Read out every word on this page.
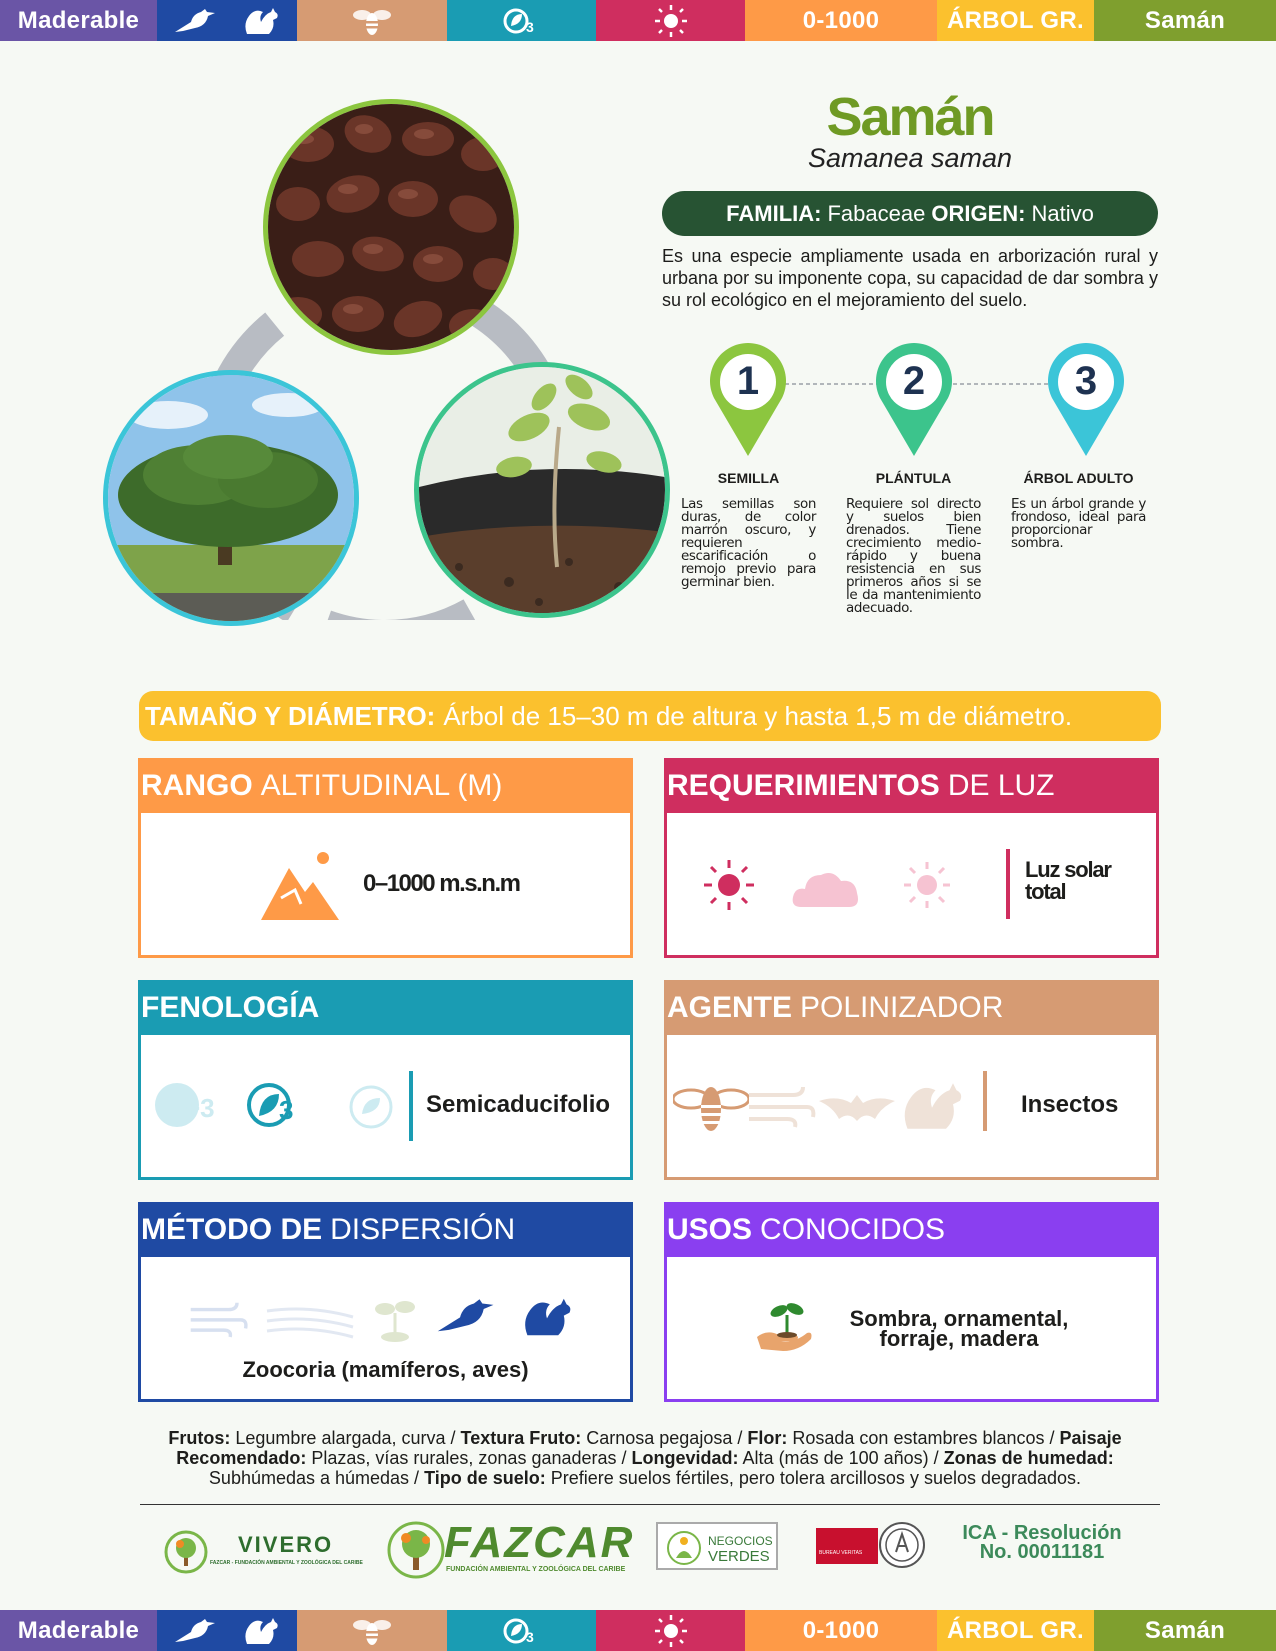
Maderable	3	0-1000	ÁRBOL GR.	Samán
Samán
Samanea saman
FAMILIA: Fabaceae ORIGEN: Nativo
Es una especie ampliamente usada en arborización rural y urbana por su imponente copa, su capacidad de dar sombra y su rol ecológico en el mejoramiento del suelo.
1	2	3
SEMILLA
Las semillas son duras, de color marrón oscuro, y requieren escarificación o remojo previo para germinar bien.
PLÁNTULA
Requiere sol directo y suelos bien drenados. Tiene crecimiento medio-rápido y buena resistencia en sus primeros años si se le da mantenimiento adecuado.
ÁRBOL ADULTO
Es un árbol grande y frondoso, ideal para proporcionar sombra.
TAMAÑO Y DIÁMETRO: Árbol de 15–30 m de altura y hasta 1,5 m de diámetro.
RANGO ALTITUDINAL (M)
0–1000 m.s.n.m
REQUERIMIENTOS DE LUZ
Luz solar
total
FENOLOGÍA
+3 3	Semicaducifolio
AGENTE POLINIZADOR
Insectos
MÉTODO DE DISPERSIÓN
Zoocoria (mamíferos, aves)
USOS CONOCIDOS
Sombra, ornamental,
forraje, madera
Frutos: Legumbre alargada, curva / Textura Fruto: Carnosa pegajosa / Flor: Rosada con estambres blancos / Paisaje Recomendado: Plazas, vías rurales, zonas ganaderas / Longevidad: Alta (más de 100 años) / Zonas de humedad: Subhúmedas a húmedas / Tipo de suelo: Prefiere suelos fértiles, pero tolera arcillosos y suelos degradados.
VIVERO
FAZCAR - FUNDACIÓN AMBIENTAL Y ZOOLÓGICA DEL CARIBE FAZCAR
FUNDACIÓN AMBIENTAL Y ZOOLÓGICA DEL CARIBE
NEGOCIOS
VERDES	BUREAU VERITAS
ICA - Resolución
No. 00011181
Maderable	3	0-1000	ÁRBOL GR.	Samán
